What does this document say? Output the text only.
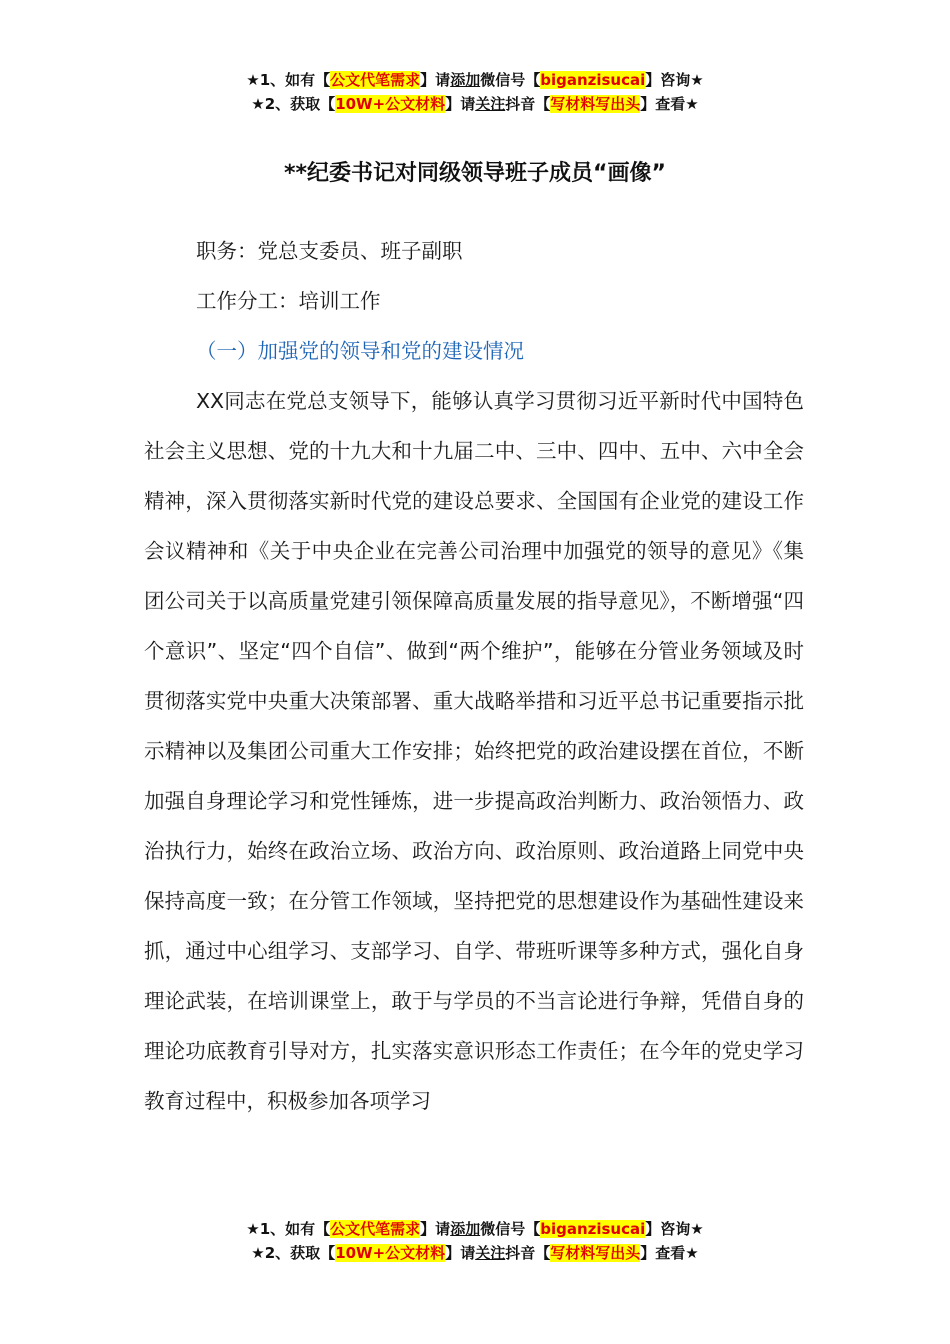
★1、如有【公文代笔需求】请添加微信号【biganzisucai】咨询★
★2、获取【10W+公文材料】请关注抖音【写材料写出头】查看★
**纪委书记对同级领导班子成员“画像”

职务：党总支委员、班子副职

工作分工：培训工作

（一）加强党的领导和党的建设情况

XX同志在党总支领导下，能够认真学习贯彻习近平新时代中国特色社会主义思想、党的十九大和十九届二中、三中、四中、五中、六中全会精神，深入贯彻落实新时代党的建设总要求、全国国有企业党的建设工作会议精神和《关于中央企业在完善公司治理中加强党的领导的意见》《集团公司关于以高质量党建引领保障高质量发展的指导意见》，不断增强“四个意识”、坚定“四个自信”、做到“两个维护”，能够在分管业务领域及时贯彻落实党中央重大决策部署、重大战略举措和习近平总书记重要指示批示精神以及集团公司重大工作安排；始终把党的政治建设摆在首位，不断加强自身理论学习和党性锤炼，进一步提高政治判断力、政治领悟力、政治执行力，始终在政治立场、政治方向、政治原则、政治道路上同党中央保持高度一致；在分管工作领域，坚持把党的思想建设作为基础性建设来抓，通过中心组学习、支部学习、自学、带班听课等多种方式，强化自身理论武装，在培训课堂上，敢于与学员的不当言论进行争辩，凭借自身的理论功底教育引导对方，扎实落实意识形态工作责任；在今年的党史学习教育过程中，积极参加各项学习

★1、如有【公文代笔需求】请添加微信号【biganzisucai】咨询★
★2、获取【10W+公文材料】请关注抖音【写材料写出头】查看★
